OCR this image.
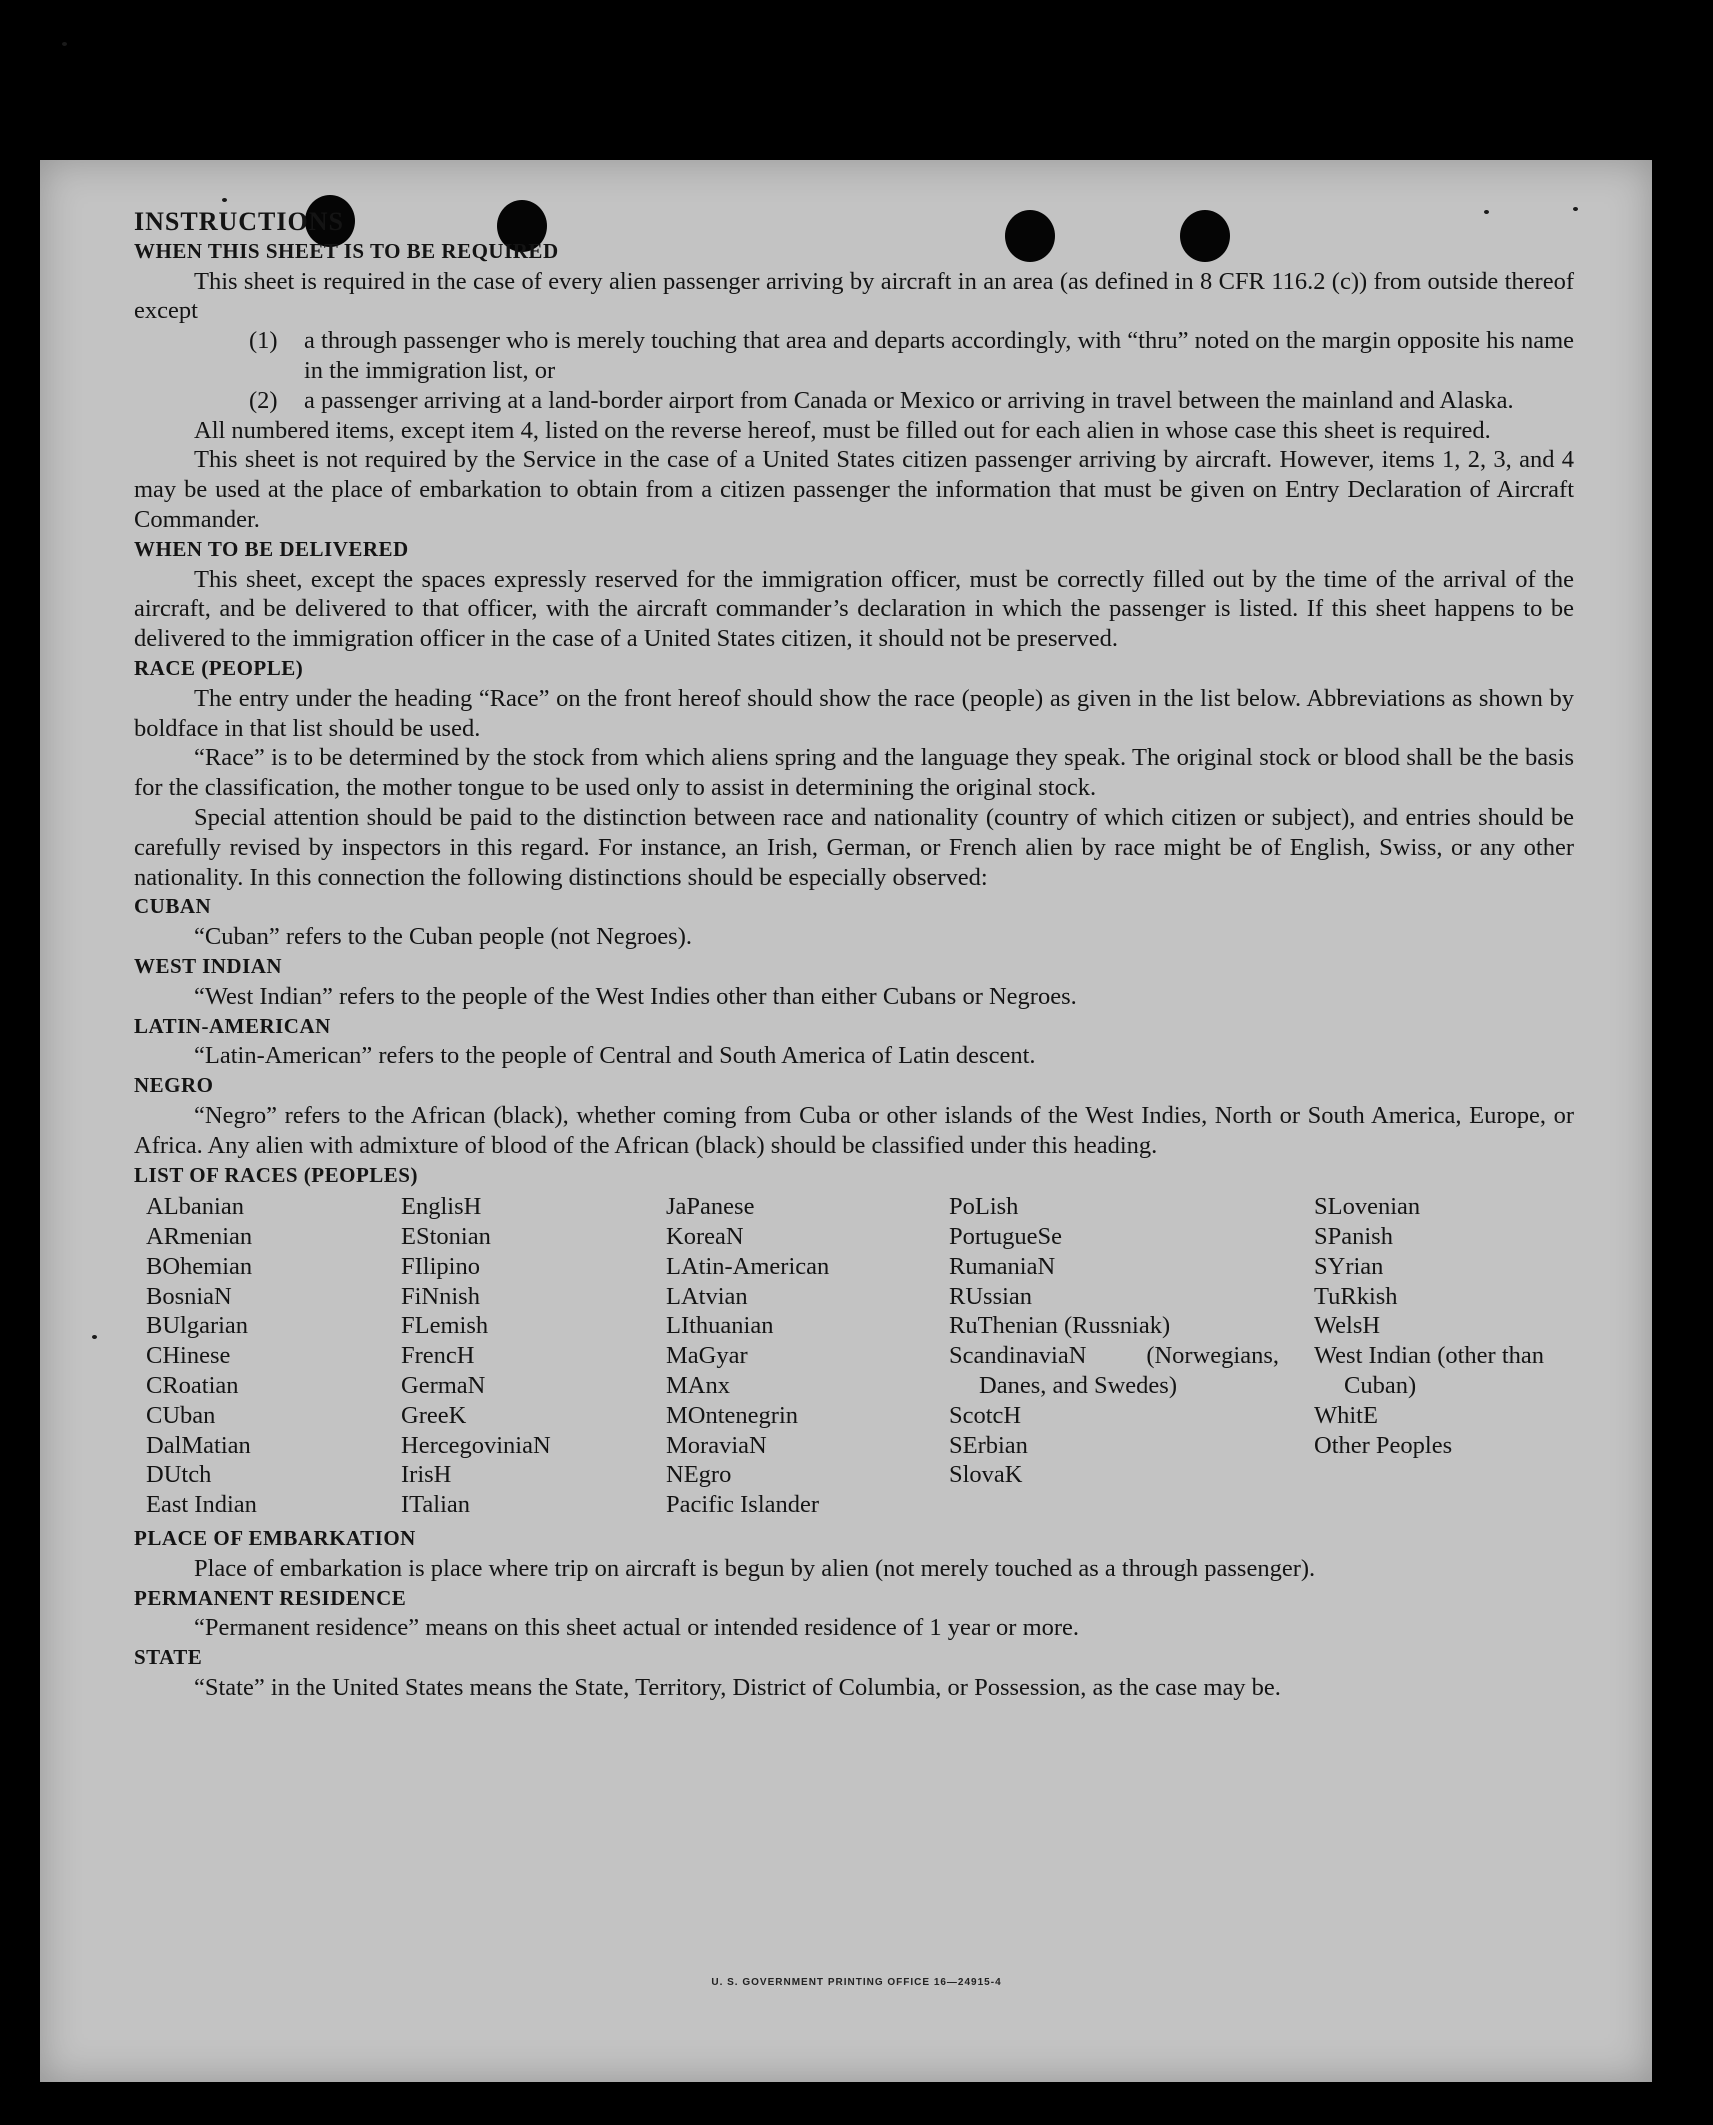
INSTRUCTIONS

WHEN THIS SHEET IS TO BE REQUIRED

This sheet is required in the case of every alien passenger arriving by aircraft in an area (as defined in 8 CFR 116.2 (c)) from outside thereof except

(1)	a through passenger who is merely touching that area and departs accordingly, with “thru” noted on the margin opposite his name in the immigration list, or
(2)	a passenger arriving at a land-border airport from Canada or Mexico or arriving in travel between the mainland and Alaska.

All numbered items, except item 4, listed on the reverse hereof, must be filled out for each alien in whose case this sheet is required.

This sheet is not required by the Service in the case of a United States citizen passenger arriving by aircraft. However, items 1, 2, 3, and 4 may be used at the place of embarkation to obtain from a citizen passenger the information that must be given on Entry Declaration of Aircraft Commander.

WHEN TO BE DELIVERED

This sheet, except the spaces expressly reserved for the immigration officer, must be correctly filled out by the time of the arrival of the aircraft, and be delivered to that officer, with the aircraft commander’s declaration in which the passenger is listed. If this sheet happens to be delivered to the immigration officer in the case of a United States citizen, it should not be preserved.

RACE (PEOPLE)

The entry under the heading “Race” on the front hereof should show the race (people) as given in the list below. Abbreviations as shown by boldface in that list should be used.

“Race” is to be determined by the stock from which aliens spring and the language they speak. The original stock or blood shall be the basis for the classification, the mother tongue to be used only to assist in determining the original stock.

Special attention should be paid to the distinction between race and nationality (country of which citizen or subject), and entries should be carefully revised by inspectors in this regard. For instance, an Irish, German, or French alien by race might be of English, Swiss, or any other nationality. In this connection the following distinctions should be especially observed:

CUBAN

“Cuban” refers to the Cuban people (not Negroes).

WEST INDIAN

“West Indian” refers to the people of the West Indies other than either Cubans or Negroes.

LATIN-AMERICAN

“Latin-American” refers to the people of Central and South America of Latin descent.

NEGRO

“Negro” refers to the African (black), whether coming from Cuba or other islands of the West Indies, North or South America, Europe, or Africa. Any alien with admixture of blood of the African (black) should be classified under this heading.

LIST OF RACES (PEOPLES)

ALbanian
ARmenian
BOhemian
BosniaN
BUlgarian
CHinese
CRoatian
CUban
DalMatian
DUtch
East Indian
EnglisH
EStonian
FIlipino
FiNnish
FLemish
FrencH
GermaN
GreeK
HercegoviniaN
IrisH
ITalian
JaPanese
KoreaN
LAtin-American
LAtvian
LIthuanian
MaGyar
MAnx
MOntenegrin
MoraviaN
NEgro
Pacific Islander
PoLish
PortugueSe
RumaniaN
RUssian
RuThenian (Russniak)
ScandinaviaN (Norwegians, Danes, and Swedes)
ScotcH
SErbian
SlovaK
SLovenian
SPanish
SYrian
TuRkish
WelsH
West Indian (other than Cuban)
WhitE
Other Peoples

PLACE OF EMBARKATION

Place of embarkation is place where trip on aircraft is begun by alien (not merely touched as a through passenger).

PERMANENT RESIDENCE

“Permanent residence” means on this sheet actual or intended residence of 1 year or more.

STATE

“State” in the United States means the State, Territory, District of Columbia, or Possession, as the case may be.

U. S. GOVERNMENT PRINTING OFFICE 16—24915-4
